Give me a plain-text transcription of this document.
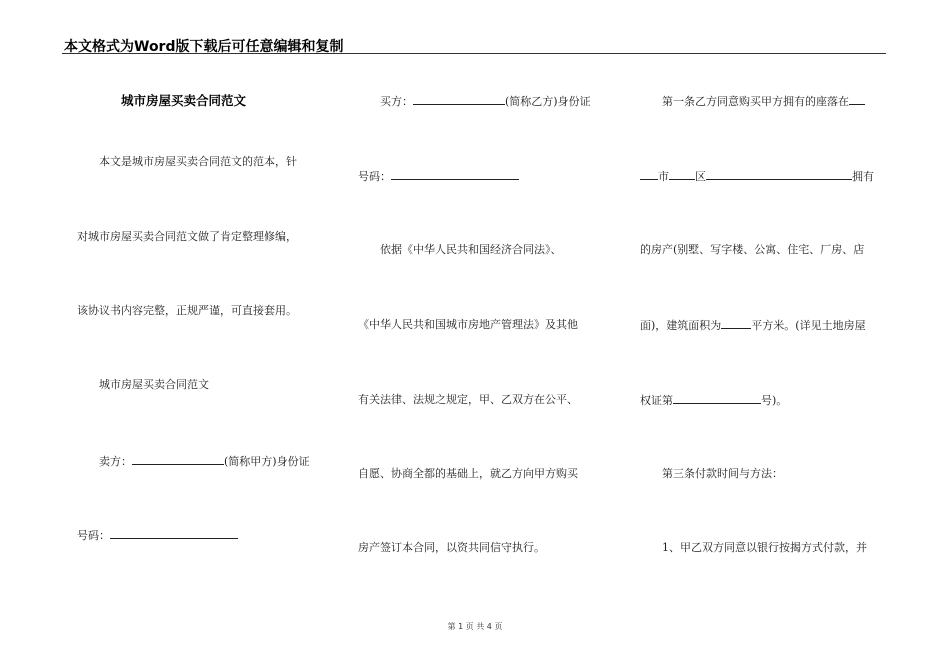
本文格式为Word版下载后可任意编辑和复制
城市房屋买卖合同范文
本文是城市房屋买卖合同范文的范本，针
对城市房屋买卖合同范文做了肯定整理修编，
该协议书内容完整，正规严谨，可直接套用。
城市房屋买卖合同范文
卖方：	(简称甲方)身份证
号码：
买方：	(简称乙方)身份证
号码：
依据《中华人民共和国经济合同法》、
《中华人民共和国城市房地产管理法》及其他
有关法律、法规之规定，甲、乙双方在公平、
自愿、协商全都的基础上，就乙方向甲方购买
房产签订本合同，以资共同信守执行。
第一条乙方同意购买甲方拥有的座落在
市 区	拥有
的房产(别墅、写字楼、公寓、住宅、厂房、店
面)，建筑面积为	平方米。(详见土地房屋
权证第	号)。
第三条付款时间与方法：
1、甲乙双方同意以银行按揭方式付款，并
第 1 页 共 4 页
